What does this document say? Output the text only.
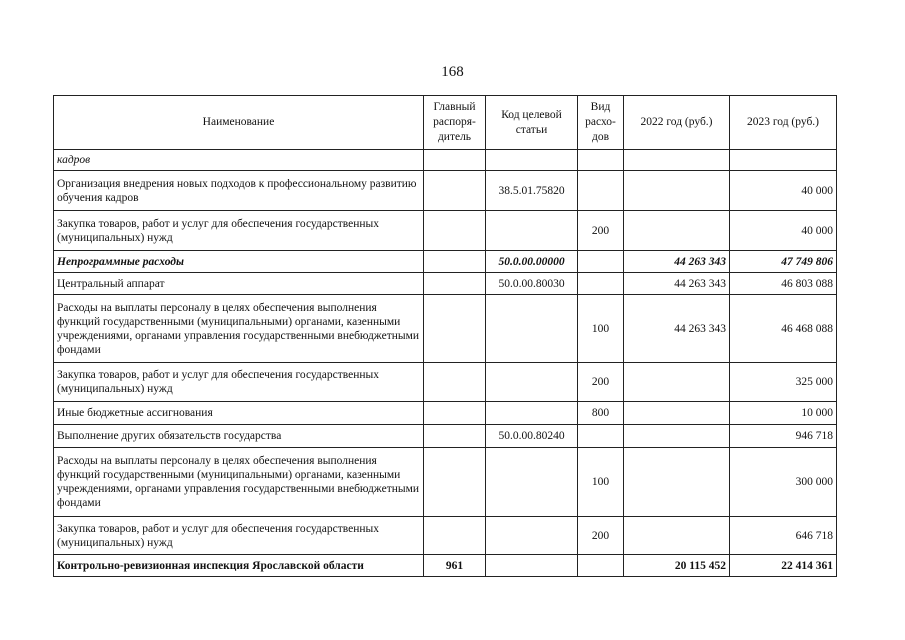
168
Наименование	Главный распоря-дитель	Код целевой статьи	Вид расхо-дов	2022 год (руб.)	2023 год (руб.)
кадров					
Организация внедрения новых подходов к профессиональному развитию обучения кадров		38.5.01.75820			40 000
Закупка товаров, работ и услуг для обеспечения государственных (муниципальных) нужд			200		40 000
Непрограммные расходы		50.0.00.00000		44 263 343	47 749 806
Центральный аппарат		50.0.00.80030		44 263 343	46 803 088
Расходы на выплаты персоналу в целях обеспечения выполнения функций государственными (муниципальными) органами, казенными учреждениями, органами управления государственными внебюджетными фондами			100	44 263 343	46 468 088
Закупка товаров, работ и услуг для обеспечения государственных (муниципальных) нужд			200		325 000
Иные бюджетные ассигнования			800		10 000
Выполнение других обязательств государства		50.0.00.80240			946 718
Расходы на выплаты персоналу в целях обеспечения выполнения функций государственными (муниципальными) органами, казенными учреждениями, органами управления государственными внебюджетными фондами			100		300 000
Закупка товаров, работ и услуг для обеспечения государственных (муниципальных) нужд			200		646 718
Контрольно-ревизионная инспекция Ярославской области	961			20 115 452	22 414 361
